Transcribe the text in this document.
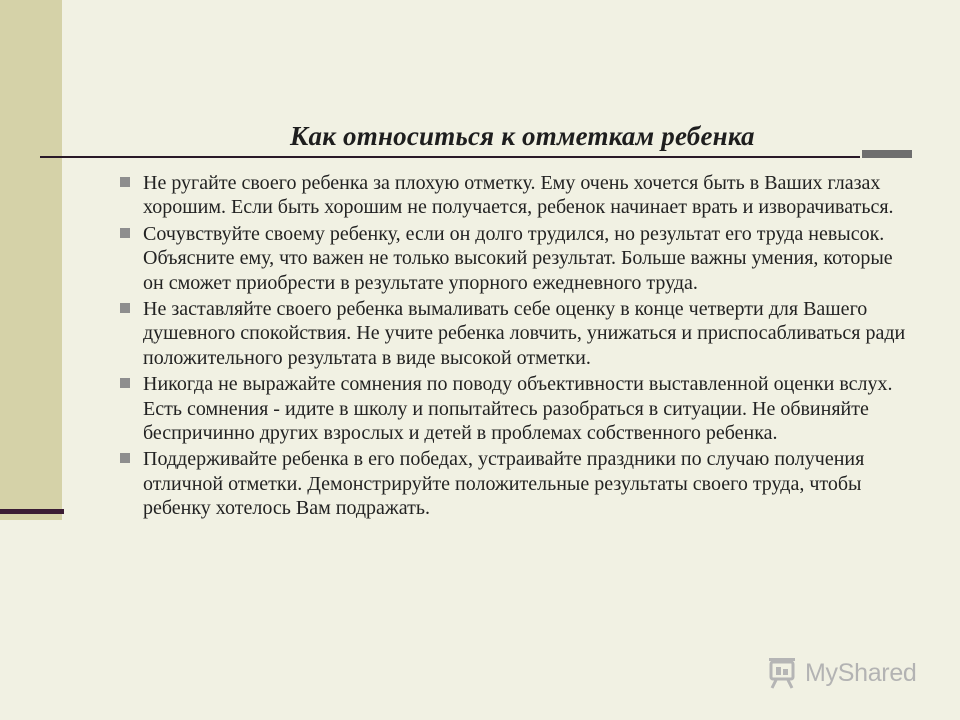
Как относиться к отметкам ребенка
Не ругайте своего ребенка за плохую отметку. Ему очень хочется быть в Ваших глазах хорошим. Если быть хорошим не получается, ребенок начинает врать и изворачиваться.
Сочувствуйте своему ребенку, если он долго трудился, но результат его труда невысок. Объясните ему, что важен не только высокий результат. Больше важны умения, которые он сможет приобрести в результате упорного ежедневного труда.
Не заставляйте своего ребенка вымаливать себе оценку в конце четверти для Вашего душевного спокойствия. Не учите ребенка ловчить, унижаться и приспосабливаться ради положительного результата в виде высокой отметки.
Никогда не выражайте сомнения по поводу объективности выставленной оценки вслух. Есть сомнения - идите в школу и попытайтесь разобраться в ситуации. Не обвиняйте беспричинно других взрослых и детей в проблемах собственного ребенка.
Поддерживайте ребенка в его победах, устраивайте праздники по случаю получения отличной отметки. Демонстрируйте положительные результаты своего труда, чтобы ребенку хотелось Вам подражать.
MyShared
